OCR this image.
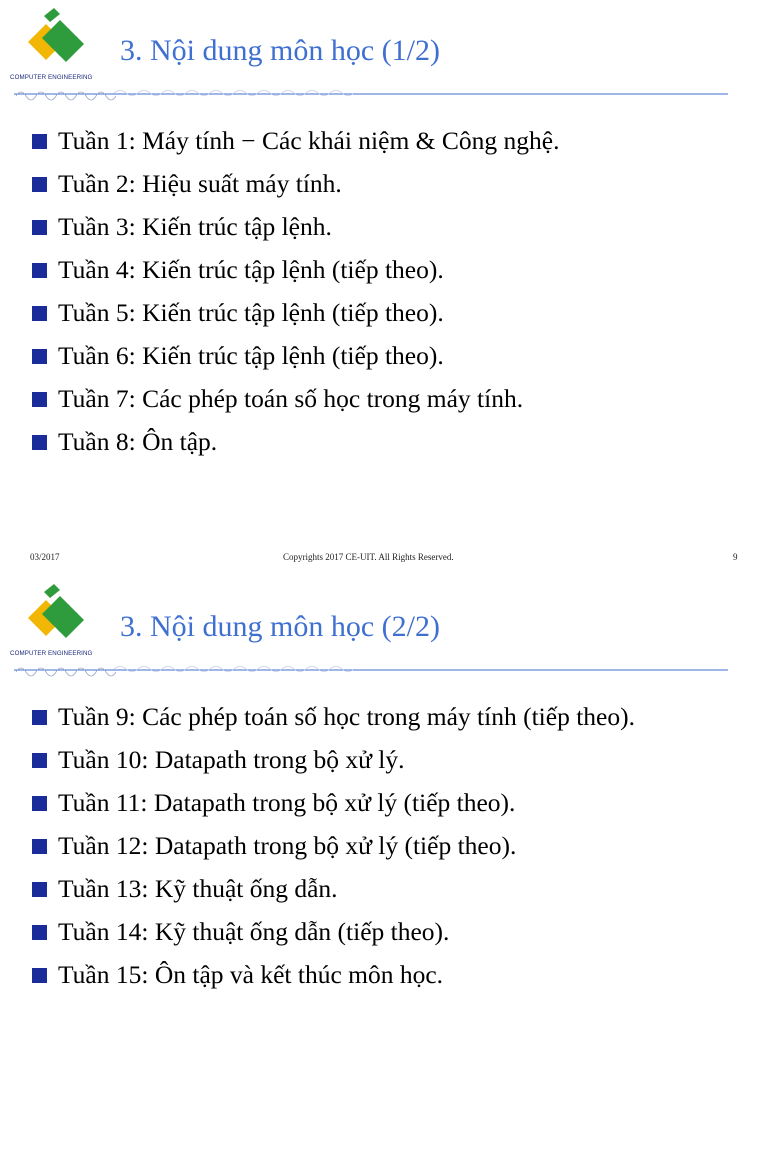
COMPUTER ENGINEERING
3. Nội dung môn học (1/2)
Tuần 1: Máy tính − Các khái niệm & Công nghệ.
Tuần 2: Hiệu suất máy tính.
Tuần 3: Kiến trúc tập lệnh.
Tuần 4: Kiến trúc tập lệnh (tiếp theo).
Tuần 5: Kiến trúc tập lệnh (tiếp theo).
Tuần 6: Kiến trúc tập lệnh (tiếp theo).
Tuần 7: Các phép toán số học trong máy tính.
Tuần 8: Ôn tập.
03/2017	Copyrights 2017 CE-UIT. All Rights Reserved.	9
COMPUTER ENGINEERING
3. Nội dung môn học (2/2)
Tuần 9: Các phép toán số học trong máy tính (tiếp theo).
Tuần 10: Datapath trong bộ xử lý.
Tuần 11: Datapath trong bộ xử lý (tiếp theo).
Tuần 12: Datapath trong bộ xử lý (tiếp theo).
Tuần 13: Kỹ thuật ống dẫn.
Tuần 14: Kỹ thuật ống dẫn (tiếp theo).
Tuần 15: Ôn tập và kết thúc môn học.
